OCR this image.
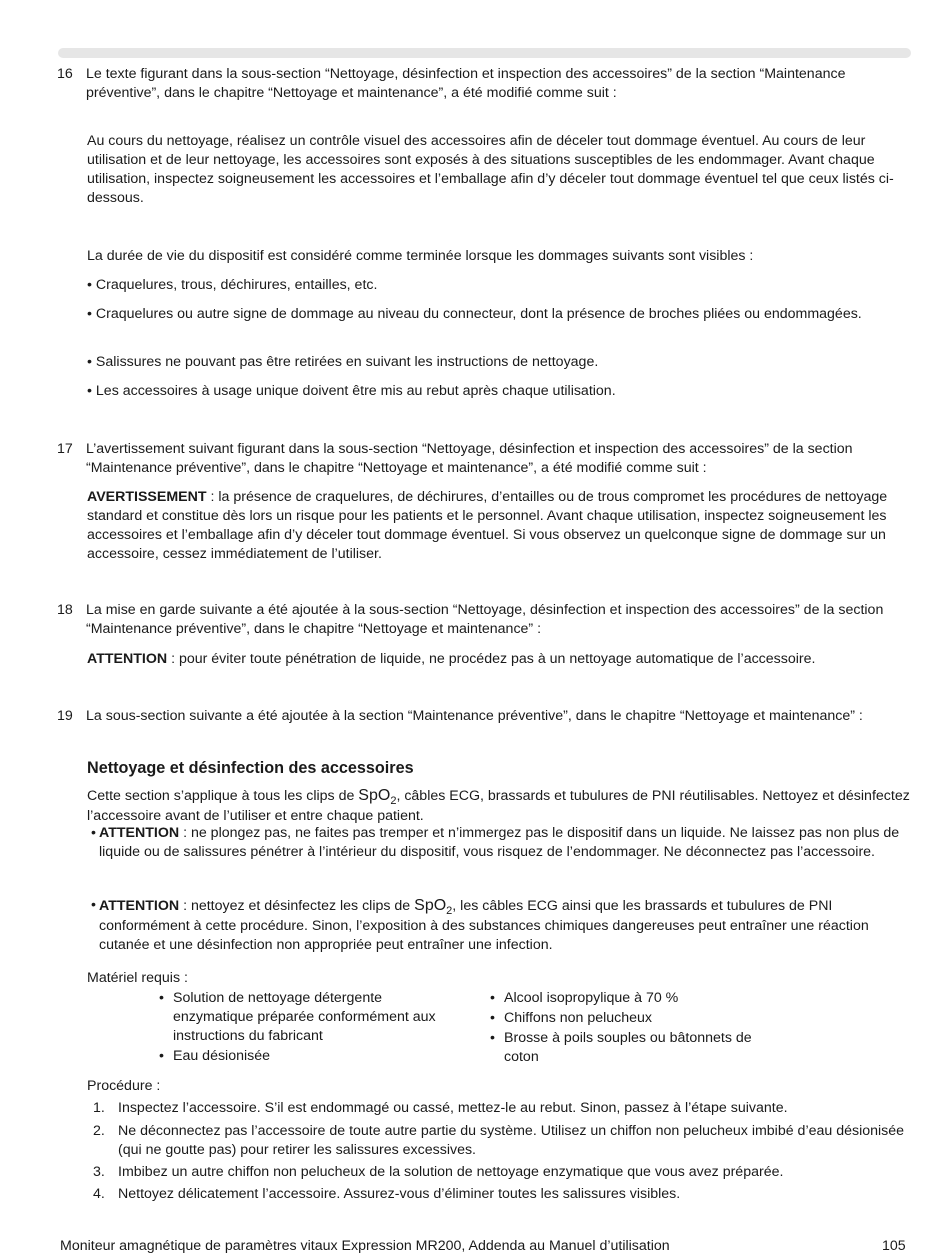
16 Le texte figurant dans la sous-section “Nettoyage, désinfection et inspection des accessoires” de la section “Maintenance préventive”, dans le chapitre “Nettoyage et maintenance”, a été modifié comme suit :
Au cours du nettoyage, réalisez un contrôle visuel des accessoires afin de déceler tout dommage éventuel. Au cours de leur utilisation et de leur nettoyage, les accessoires sont exposés à des situations susceptibles de les endommager. Avant chaque utilisation, inspectez soigneusement les accessoires et l’emballage afin d’y déceler tout dommage éventuel tel que ceux listés ci-dessous.
La durée de vie du dispositif est considéré comme terminée lorsque les dommages suivants sont visibles :
• Craquelures, trous, déchirures, entailles, etc.
• Craquelures ou autre signe de dommage au niveau du connecteur, dont la présence de broches pliées ou endommagées.
• Salissures ne pouvant pas être retirées en suivant les instructions de nettoyage.
• Les accessoires à usage unique doivent être mis au rebut après chaque utilisation.
17 L’avertissement suivant figurant dans la sous-section “Nettoyage, désinfection et inspection des accessoires” de la section “Maintenance préventive”, dans le chapitre “Nettoyage et maintenance”, a été modifié comme suit :
AVERTISSEMENT : la présence de craquelures, de déchirures, d’entailles ou de trous compromet les procédures de nettoyage standard et constitue dès lors un risque pour les patients et le personnel. Avant chaque utilisation, inspectez soigneusement les accessoires et l’emballage afin d’y déceler tout dommage éventuel. Si vous observez un quelconque signe de dommage sur un accessoire, cessez immédiatement de l’utiliser.
18 La mise en garde suivante a été ajoutée à la sous-section “Nettoyage, désinfection et inspection des accessoires” de la section “Maintenance préventive”, dans le chapitre “Nettoyage et maintenance” :
ATTENTION : pour éviter toute pénétration de liquide, ne procédez pas à un nettoyage automatique de l’accessoire.
19 La sous-section suivante a été ajoutée à la section “Maintenance préventive”, dans le chapitre “Nettoyage et maintenance” :
Nettoyage et désinfection des accessoires
Cette section s’applique à tous les clips de SpO$_2$, câbles ECG, brassards et tubulures de PNI réutilisables. Nettoyez et désinfectez l’accessoire avant de l’utiliser et entre chaque patient.
• ATTENTION : ne plongez pas, ne faites pas tremper et n’immergez pas le dispositif dans un liquide. Ne laissez pas non plus de liquide ou de salissures pénétrer à l’intérieur du dispositif, vous risquez de l’endommager. Ne déconnectez pas l’accessoire.
• ATTENTION : nettoyez et désinfectez les clips de SpO$_2$, les câbles ECG ainsi que les brassards et tubulures de PNI conformément à cette procédure. Sinon, l’exposition à des substances chimiques dangereuses peut entraîner une réaction cutanée et une désinfection non appropriée peut entraîner une infection.
Matériel requis :
• Solution de nettoyage détergente enzymatique préparée conformément aux instructions du fabricant
• Eau désionisée
• Alcool isopropylique à 70 %
• Chiffons non pelucheux
• Brosse à poils souples ou bâtonnets de coton
Procédure :
1. Inspectez l’accessoire. S’il est endommagé ou cassé, mettez-le au rebut. Sinon, passez à l’étape suivante.
2. Ne déconnectez pas l’accessoire de toute autre partie du système. Utilisez un chiffon non pelucheux imbibé d’eau désionisée (qui ne goutte pas) pour retirer les salissures excessives.
3. Imbibez un autre chiffon non pelucheux de la solution de nettoyage enzymatique que vous avez préparée.
4. Nettoyez délicatement l’accessoire. Assurez-vous d’éliminer toutes les salissures visibles.
Moniteur amagnétique de paramètres vitaux Expression MR200, Addenda au Manuel d’utilisation	105
